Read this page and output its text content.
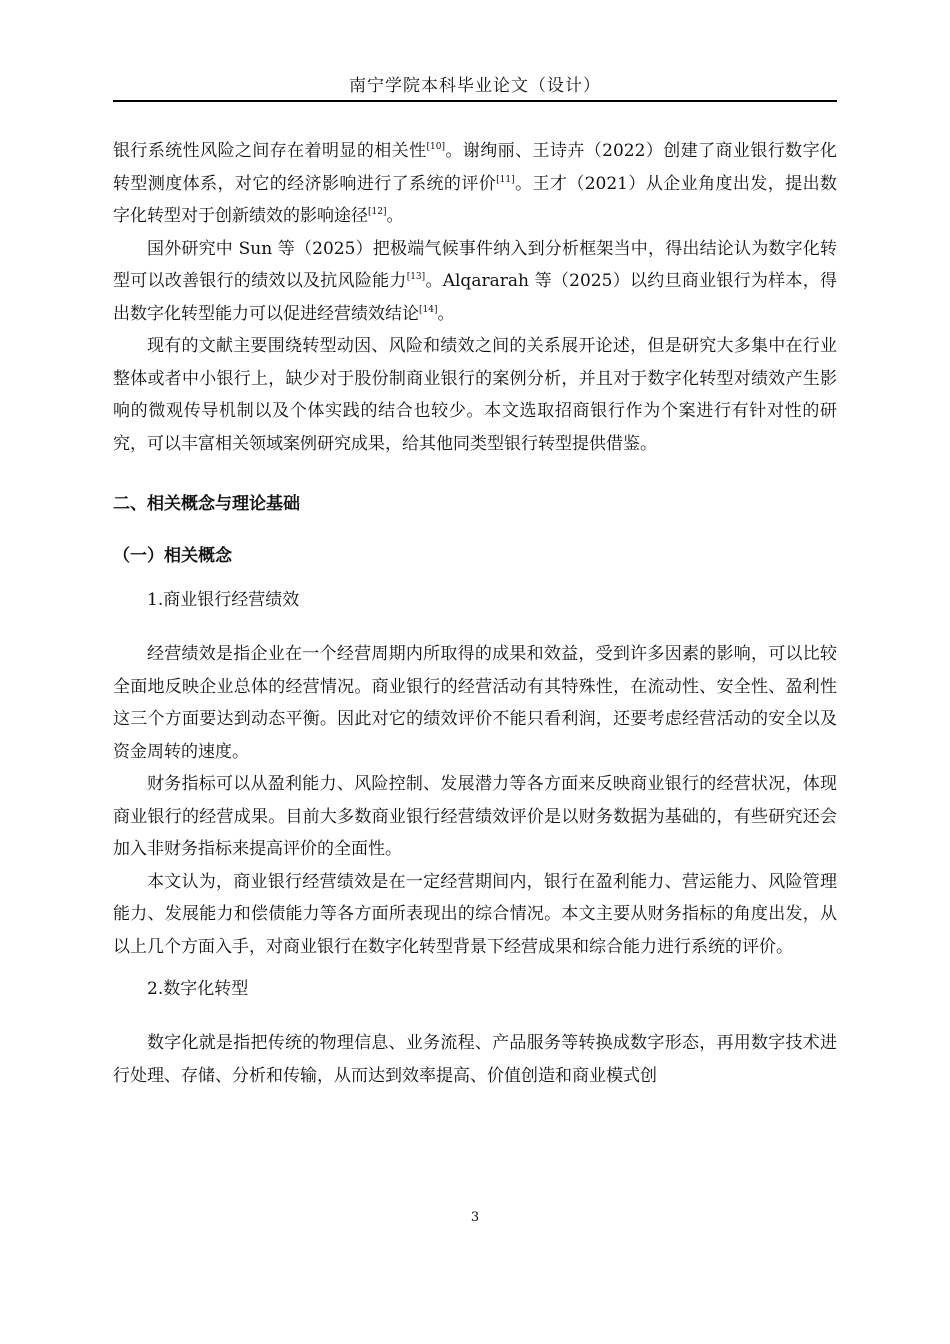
南宁学院本科毕业论文（设计）

银行系统性风险之间存在着明显的相关性[10]。谢绚丽、王诗卉（2022）创建了商业银行数字化转型测度体系，对它的经济影响进行了系统的评价[11]。王才（2021）从企业角度出发，提出数字化转型对于创新绩效的影响途径[12]。

国外研究中 Sun 等（2025）把极端气候事件纳入到分析框架当中，得出结论认为数字化转型可以改善银行的绩效以及抗风险能力[13]。Alqararah 等（2025）以约旦商业银行为样本，得出数字化转型能力可以促进经营绩效结论[14]。

现有的文献主要围绕转型动因、风险和绩效之间的关系展开论述，但是研究大多集中在行业整体或者中小银行上，缺少对于股份制商业银行的案例分析，并且对于数字化转型对绩效产生影响的微观传导机制以及个体实践的结合也较少。本文选取招商银行作为个案进行有针对性的研究，可以丰富相关领域案例研究成果，给其他同类型银行转型提供借鉴。

二、相关概念与理论基础
（一）相关概念
1.商业银行经营绩效

经营绩效是指企业在一个经营周期内所取得的成果和效益，受到许多因素的影响，可以比较全面地反映企业总体的经营情况。商业银行的经营活动有其特殊性，在流动性、安全性、盈利性这三个方面要达到动态平衡。因此对它的绩效评价不能只看利润，还要考虑经营活动的安全以及资金周转的速度。

财务指标可以从盈利能力、风险控制、发展潜力等各方面来反映商业银行的经营状况，体现商业银行的经营成果。目前大多数商业银行经营绩效评价是以财务数据为基础的，有些研究还会加入非财务指标来提高评价的全面性。

本文认为，商业银行经营绩效是在一定经营期间内，银行在盈利能力、营运能力、风险管理能力、发展能力和偿债能力等各方面所表现出的综合情况。本文主要从财务指标的角度出发，从以上几个方面入手，对商业银行在数字化转型背景下经营成果和综合能力进行系统的评价。

2.数字化转型

数字化就是指把传统的物理信息、业务流程、产品服务等转换成数字形态，再用数字技术进行处理、存储、分析和传输，从而达到效率提高、价值创造和商业模式创

3
